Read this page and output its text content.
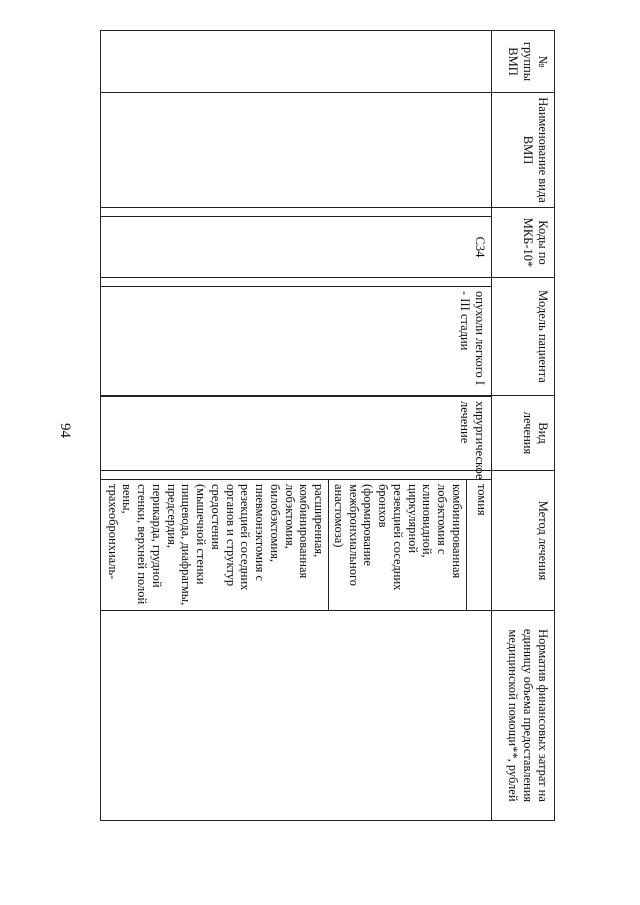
94
№ группы ВМП	Наименование вида ВМП	Коды по МКБ-10*	Модель пациента	Вид лечения	Метод лечения	Норматив финансовых затрат на единицу объема предоставления медицинской помощи**, рублей

		С34	опухоли легкого I - III стадии	хирургическое лечение	томия
комбинированная лобэктомия с клиновидной, циркулярной резекцией соседних бронхов (формирование межбронхиального анастомоза)
расширенная, комбинированная лобэктомия, билобэктомия, пневмонэктомия с резекцией соседних органов и структур средостения (мышечной стенки пищевода, диафрагмы, предсердия, перикарда, грудной стенки, верхней полой вены, трахеобронхиаль-	
